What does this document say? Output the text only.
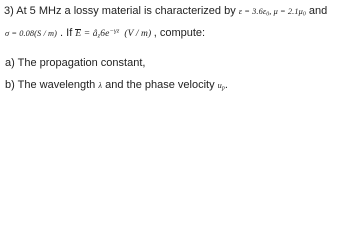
3) At 5 MHz a lossy material is characterized by $\varepsilon = 3.6\varepsilon_0$, $\mu = 2.1\mu_0$ and
σ = 0.08(S / m) . If E
= $â_z6e^{-\gamma z}$  (V / m) , compute:
a) The propagation constant,
b) The wavelength λ and the phase velocity $u_p$.
